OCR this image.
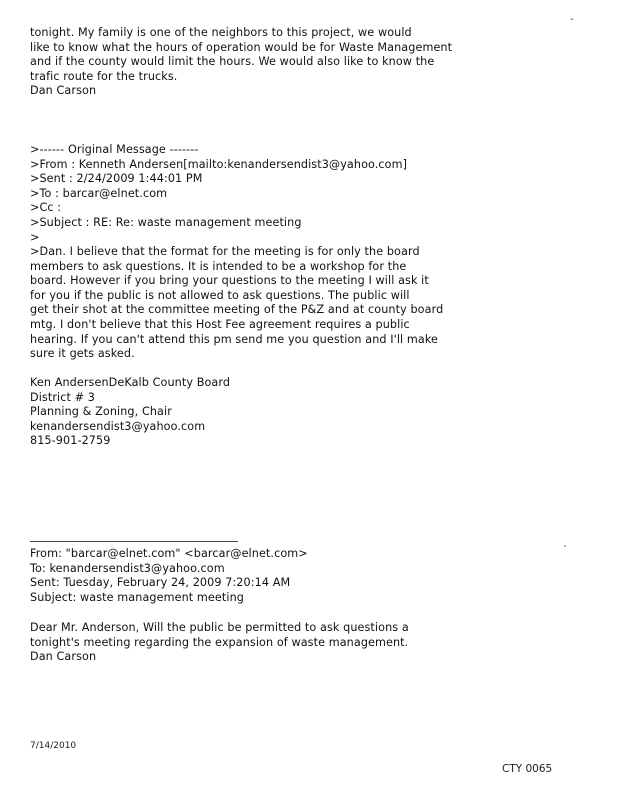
-
tonight. My family is one of the neighbors to this project, we would
like to know what the hours of operation would be for Waste Management
and if the county would limit the hours. We would also like to know the
trafic route for the trucks.
Dan Carson
>------ Original Message -------
>From : Kenneth Andersen[mailto:kenandersendist3@yahoo.com]
>Sent : 2/24/2009 1:44:01 PM
>To : barcar@elnet.com
>Cc :
>Subject : RE: Re: waste management meeting
>
>Dan. I believe that the format for the meeting is for only the board
members to ask questions. It is intended to be a workshop for the
board. However if you bring your questions to the meeting I will ask it
for you if the public is not allowed to ask questions. The public will
get their shot at the committee meeting of the P&Z and at county board
mtg. I don't believe that this Host Fee agreement requires a public
hearing. If you can't attend this pm send me you question and I'll make
sure it gets asked.
Ken AndersenDeKalb County Board
District # 3
Planning & Zoning, Chair
kenandersendist3@yahoo.com
815-901-2759
`
From: "barcar@elnet.com" <barcar@elnet.com>
To: kenandersendist3@yahoo.com
Sent: Tuesday, February 24, 2009 7:20:14 AM
Subject: waste management meeting
Dear Mr. Anderson, Will the public be permitted to ask questions a
tonight's meeting regarding the expansion of waste management.
Dan Carson
7/14/2010
CTY 0065
